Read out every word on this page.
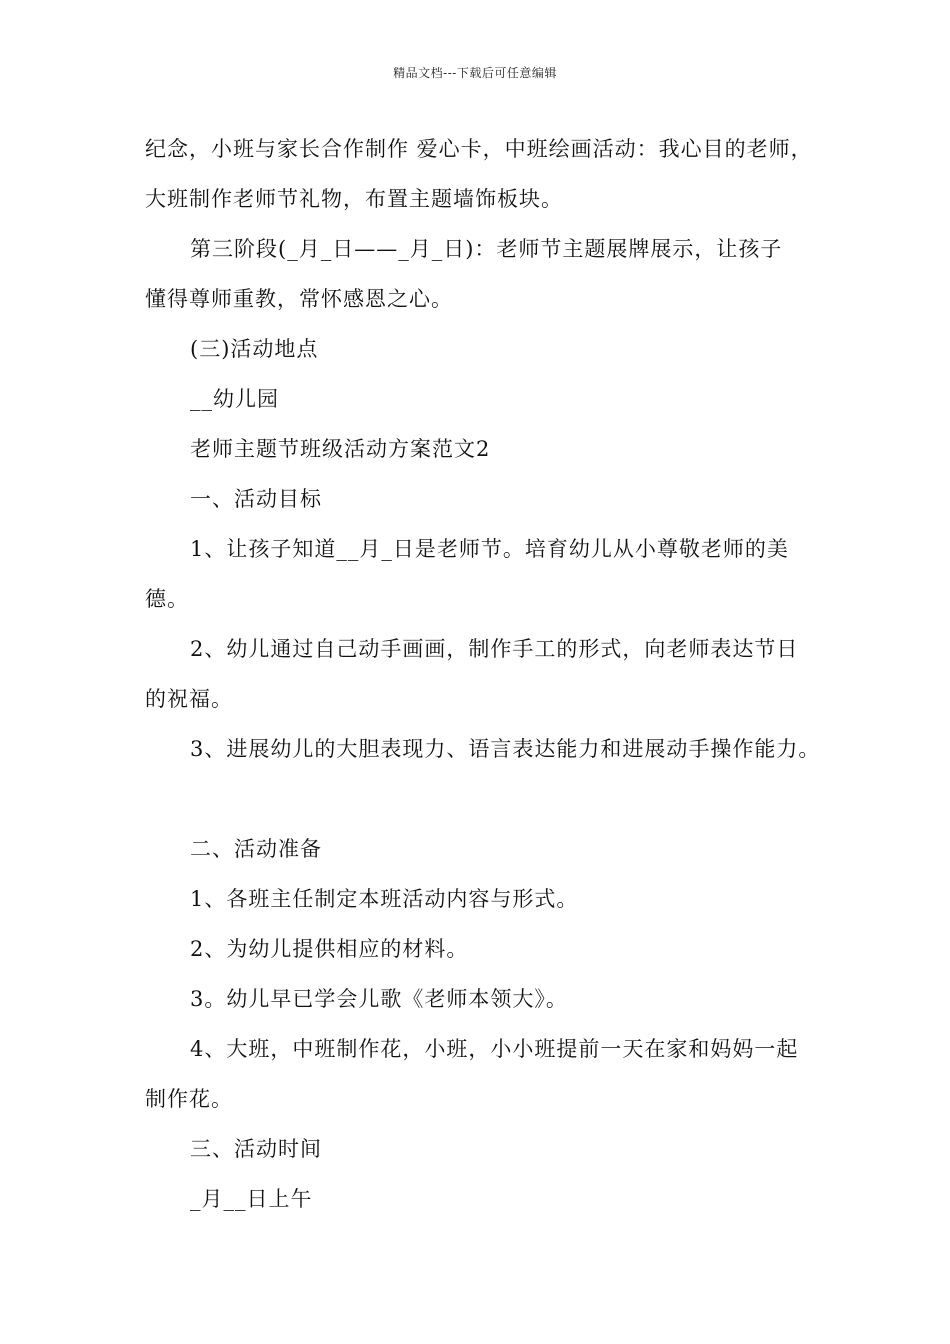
精品文档---下载后可任意编辑
纪念，小班与家长合作制作 爱心卡，中班绘画活动：我心目的老师，
大班制作老师节礼物，布置主题墙饰板块。
第三阶段(_月_日——_月_日)：老师节主题展牌展示，让孩子
懂得尊师重教，常怀感恩之心。
(三)活动地点
__幼儿园
老师主题节班级活动方案范文2
一、活动目标
1、让孩子知道__月_日是老师节。培育幼儿从小尊敬老师的美
德。
2、幼儿通过自己动手画画，制作手工的形式，向老师表达节日
的祝福。
3、进展幼儿的大胆表现力、语言表达能力和进展动手操作能力。
二、活动准备
1、各班主任制定本班活动内容与形式。
2、为幼儿提供相应的材料。
3。幼儿早已学会儿歌《老师本领大》。
4、大班，中班制作花，小班，小小班提前一天在家和妈妈一起
制作花。
三、活动时间
_月__日上午
